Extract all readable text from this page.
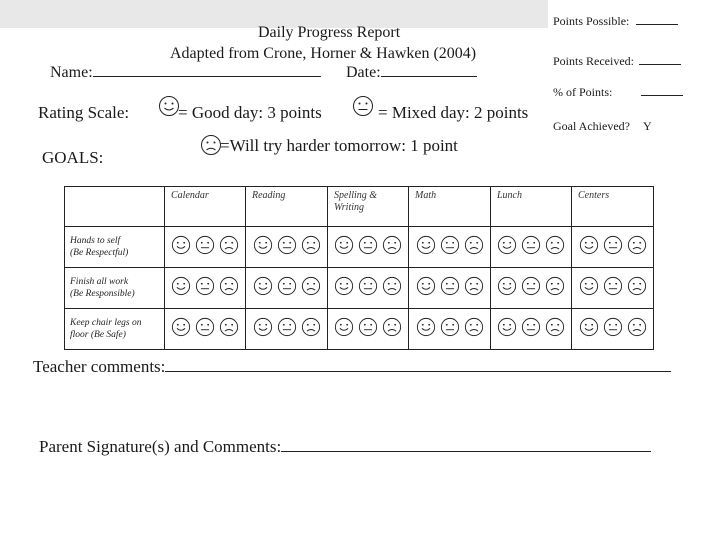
Daily Progress Report
Adapted from Crone, Horner & Hawken (2004)
Name:	Date:
Points Possible:
Points Received:
% of Points:
Goal Achieved? Y
Rating Scale:	= Good day: 3 points	= Mixed day: 2 points
=Will try harder tomorrow: 1 point
GOALS:
	Calendar	Reading	Spelling & Writing	Math	Lunch	Centers
Hands to self
(Be Respectful)						
Finish all work
(Be Responsible)						
Keep chair legs on
floor (Be Safe)						
Teacher comments:
Parent Signature(s) and Comments:
